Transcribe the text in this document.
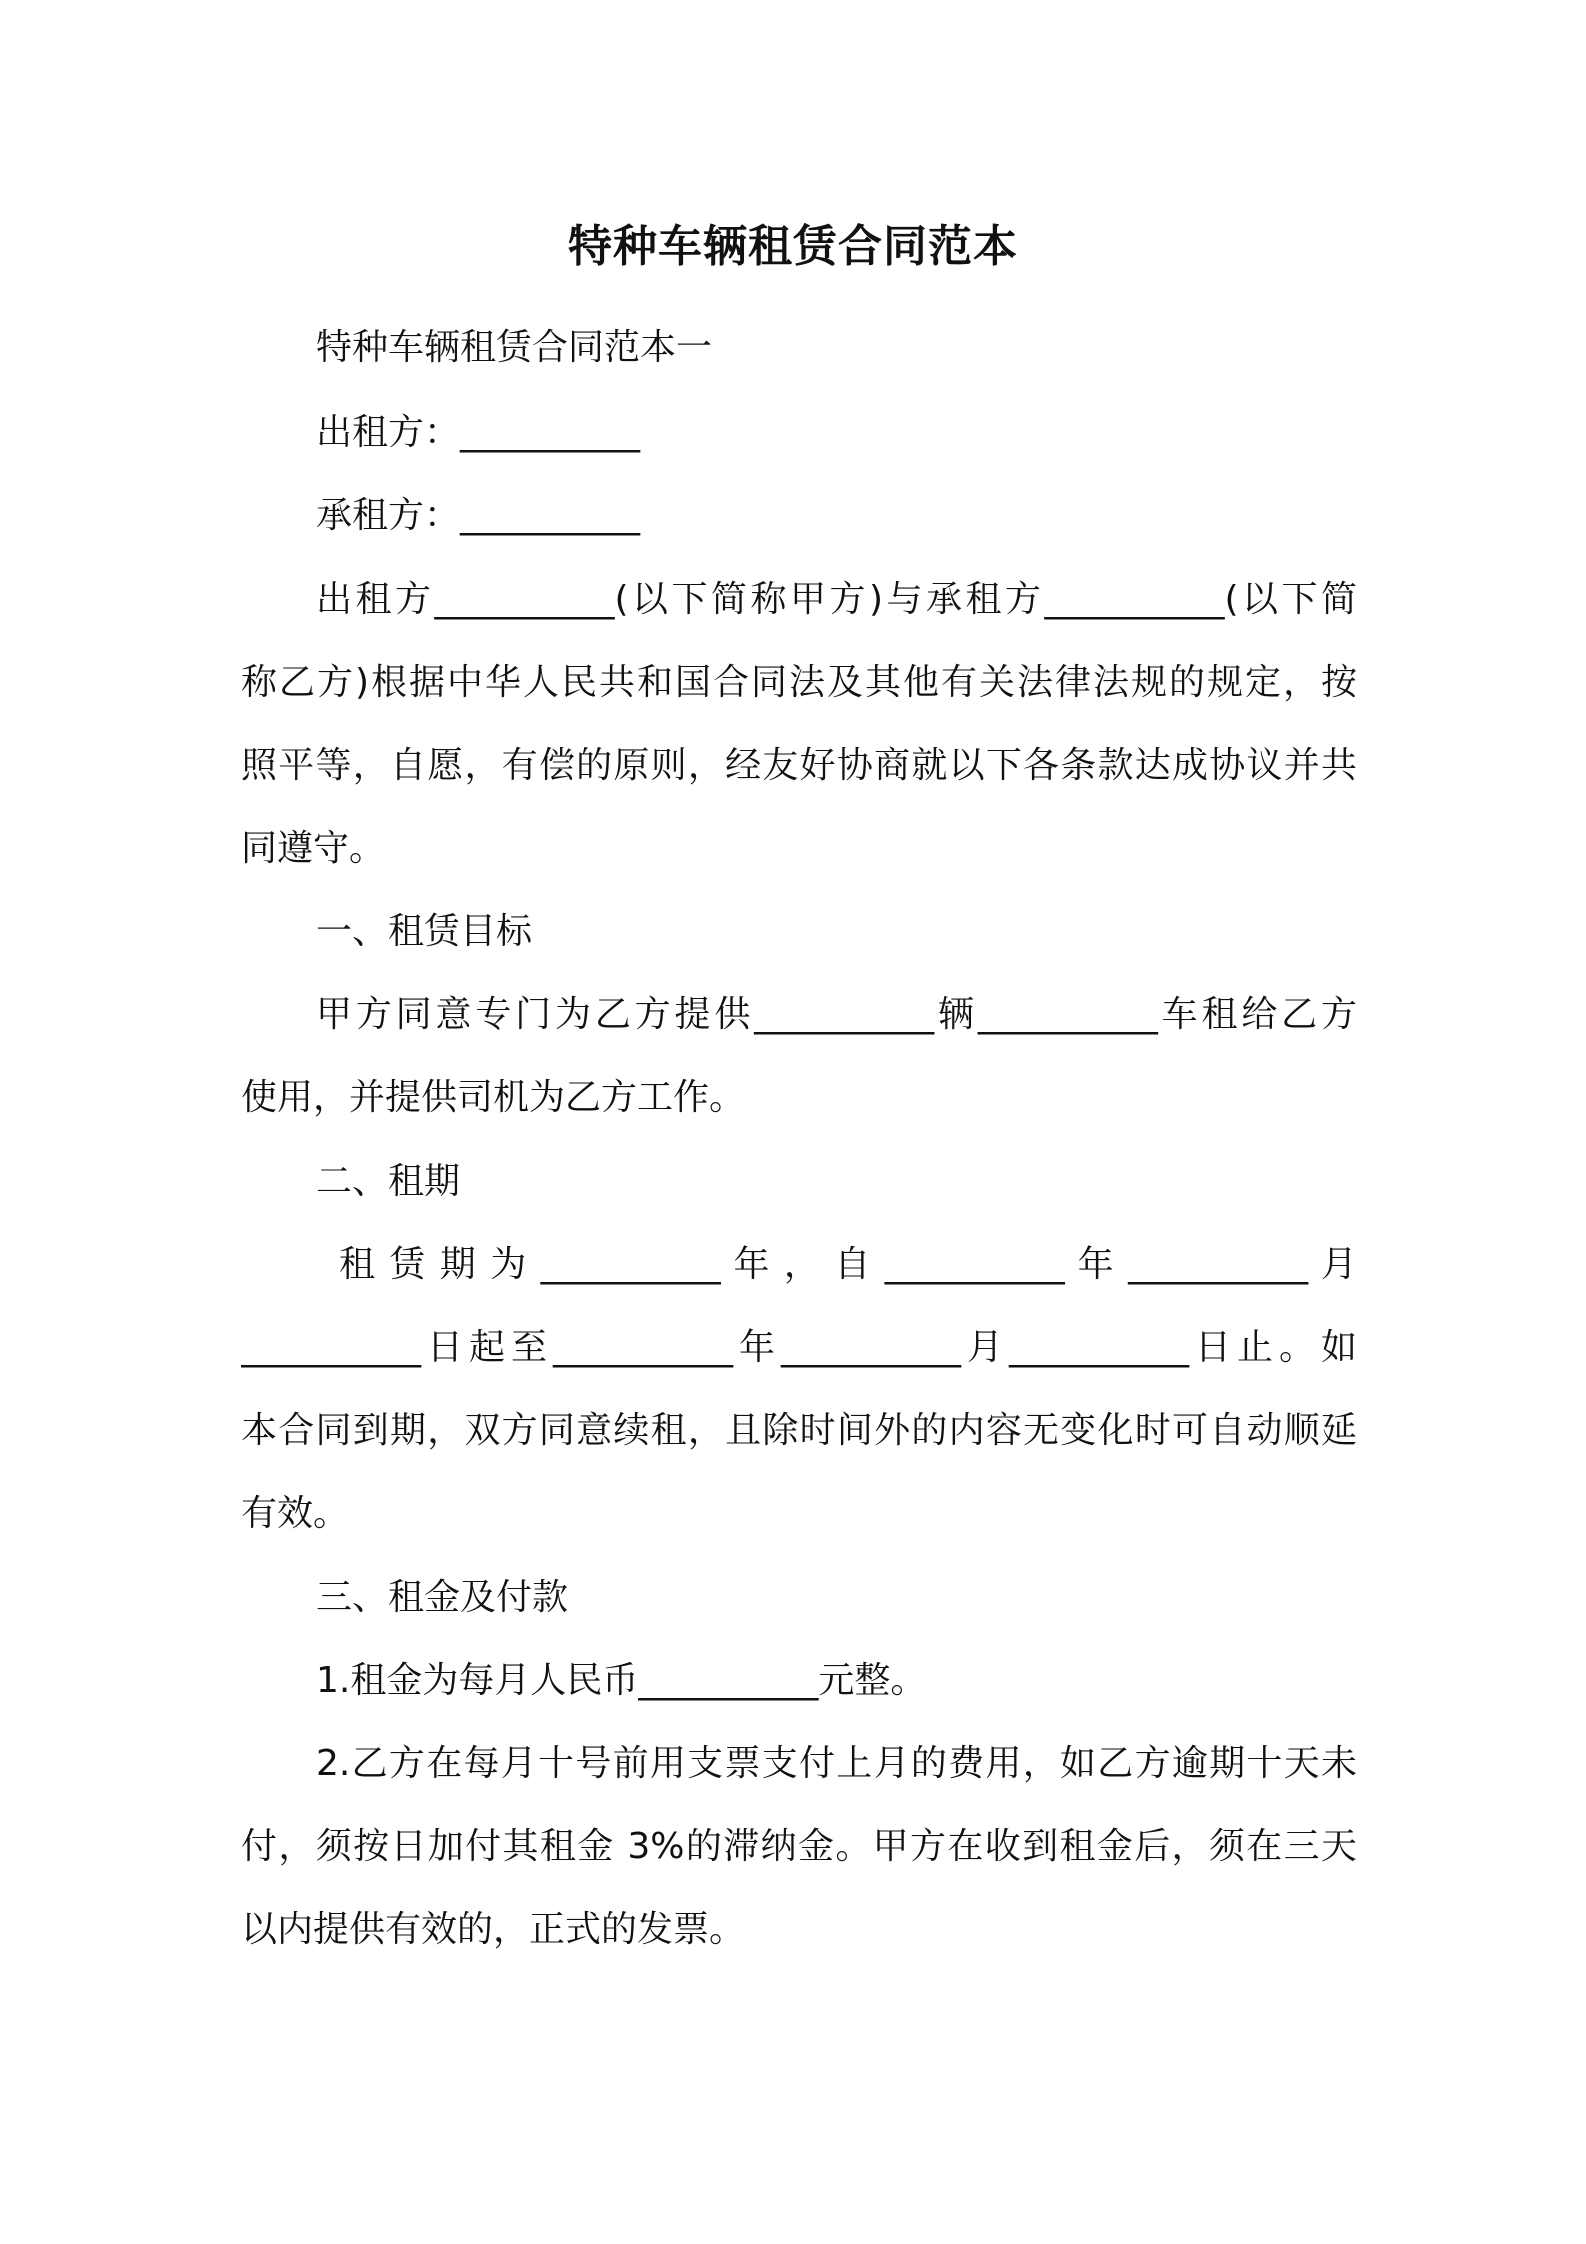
特种车辆租赁合同范本
特种车辆租赁合同范本一
出租方：__________
承租方：__________
出租方__________(以下简称甲方)与承租方__________(以下简
称乙方)根据中华人民共和国合同法及其他有关法律法规的规定，按
照平等，自愿，有偿的原则，经友好协商就以下各条款达成协议并共
同遵守。
一、租赁目标
甲方同意专门为乙方提供__________辆__________车租给乙方
使用，并提供司机为乙方工作。
二、租期
租 赁 期 为 __________ 年 ， 自 __________ 年 __________ 月
__________日起至__________年__________月__________日止。如
本合同到期，双方同意续租，且除时间外的内容无变化时可自动顺延
有效。
三、租金及付款
1.租金为每月人民币__________元整。
2.乙方在每月十号前用支票支付上月的费用，如乙方逾期十天未
付，须按日加付其租金 3%的滞纳金。甲方在收到租金后，须在三天
以内提供有效的，正式的发票。
